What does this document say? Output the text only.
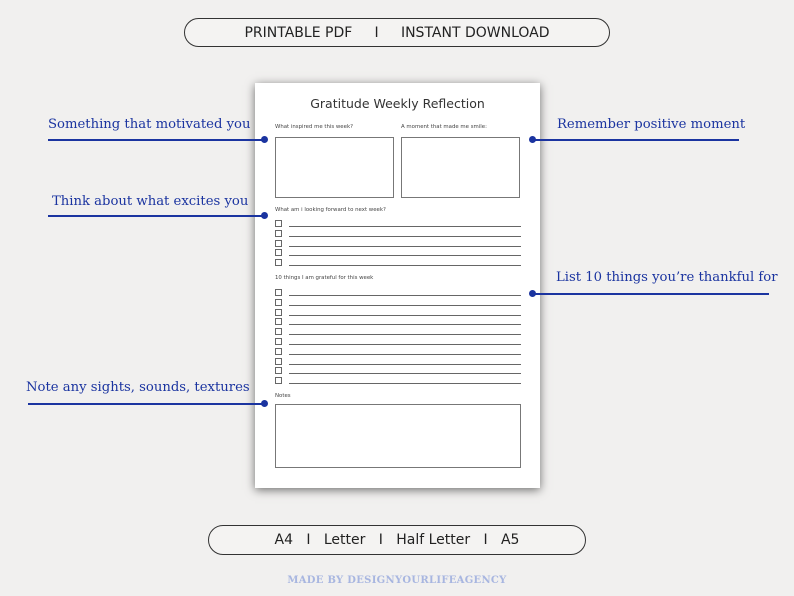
PRINTABLE PDF
I
INSTANT DOWNLOAD
Gratitude Weekly Reflection
What inspired me this week?	A moment that made me smile:
What am i looking forward to next week?
10 things I am grateful for this week
Notes
Something that motivated you	Remember positive moment
Think about what excites you
List 10 things you’re thankful for
Note any sights, sounds, textures
A4
I
Letter
I
Half Letter
I
A5
MADE BY DESIGNYOURLIFEAGENCY
